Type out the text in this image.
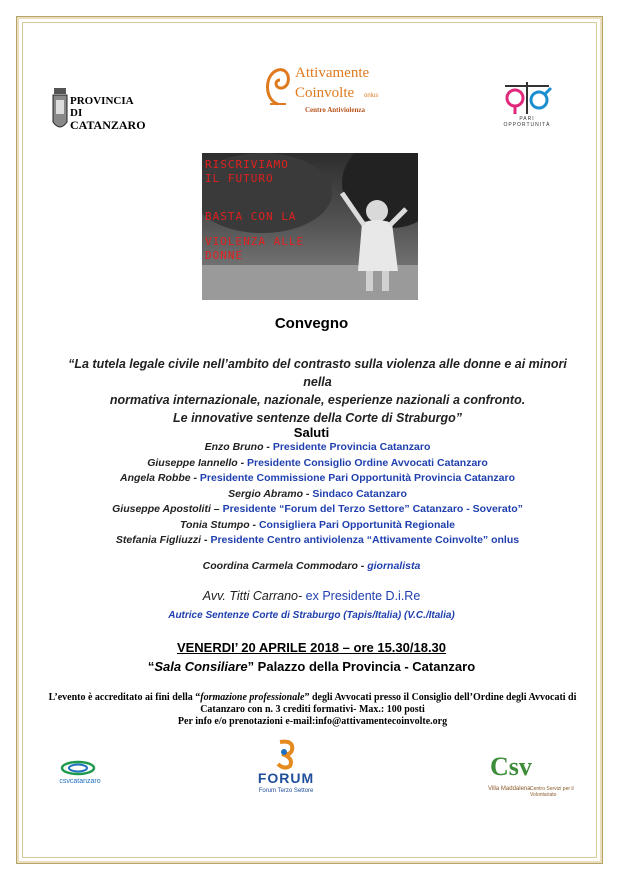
PROVINCIA DI
CATANZARO
Attivamente
Coinvolte onlus
Centro Antiviolenza
PARI OPPORTUNITÀ
RISCRIVIAMO
IL FUTURO
BASTA CON LA
VIOLENZA ALLE
DONNE
Convegno
“La tutela legale civile nell’ambito del contrasto sulla violenza alle donne e ai minori nella
normativa internazionale, nazionale, esperienze nazionali a confronto.
Le innovative sentenze della Corte di Straburgo”
Saluti
Enzo Bruno - Presidente Provincia Catanzaro
Giuseppe Iannello - Presidente Consiglio Ordine Avvocati Catanzaro
Angela Robbe - Presidente Commissione Pari Opportunità Provincia Catanzaro
Sergio Abramo - Sindaco Catanzaro
Giuseppe Apostoliti – Presidente “Forum del Terzo Settore” Catanzaro - Soverato”
Tonia Stumpo - Consigliera Pari Opportunità Regionale
Stefania Figliuzzi - Presidente Centro antiviolenza “Attivamente Coinvolte” onlus
Coordina Carmela Commodaro - giornalista
Avv. Titti Carrano- ex Presidente D.i.Re
Autrice Sentenze Corte di Straburgo (Tapis/Italia) (V.C./Italia)
VENERDI’ 20 APRILE 2018 – ore 15.30/18.30
“Sala Consiliare” Palazzo della Provincia - Catanzaro
L’evento è accreditato ai fini della “formazione professionale” degli Avvocati presso il Consiglio dell’Ordine degli Avvocati di
Catanzaro con n. 3 crediti formativi- Max.: 100 posti
Per info e/o prenotazioni e-mail:info@attivamentecoinvolte.org
csvcatanzaro	FORUM
Forum Terzo Settore
Csv
Villa Maddalena Centro Servizi per il Volontariato
